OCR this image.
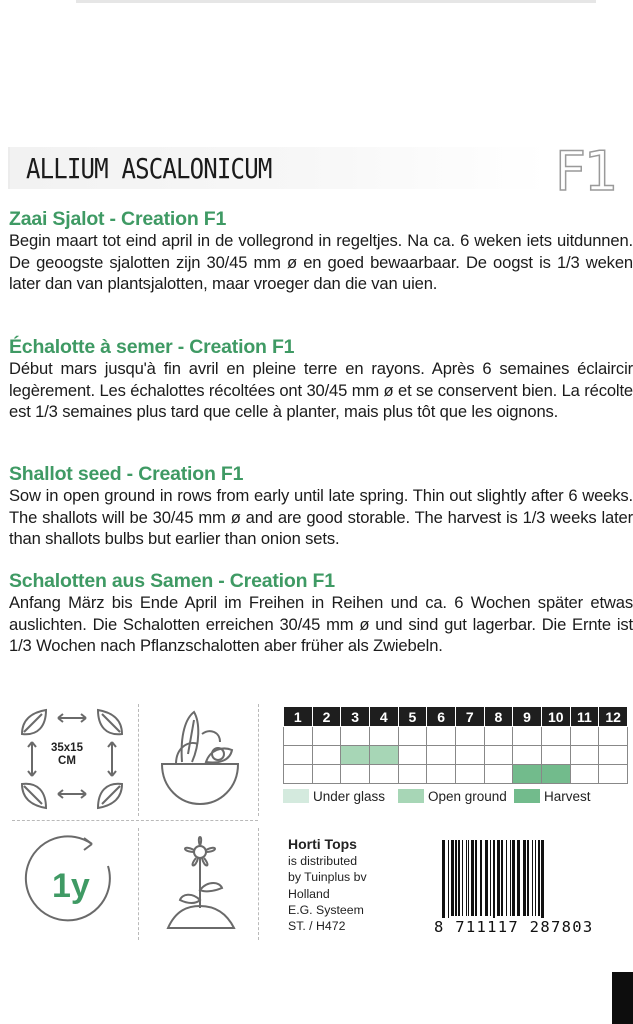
ALLIUM ASCALONICUM	F1
Zaai Sjalot - Creation F1

Begin maart tot eind april in de vollegrond in regeltjes. Na ca. 6 weken iets uitdunnen. De geoogste sjalotten zijn 30/45 mm ø en goed bewaarbaar. De oogst is 1/3 weken later dan van plantsjalotten, maar vroeger dan die van uien.

Échalotte à semer - Creation F1

Début mars jusqu'à fin avril en pleine terre en rayons. Après 6 semaines éclaircir legèrement. Les échalottes récoltées ont 30/45 mm ø et se conservent bien. La récolte est 1/3 semaines plus tard que celle à planter, mais plus tôt que les oignons.

Shallot seed - Creation F1

Sow in open ground in rows from early until late spring. Thin out slightly after 6 weeks. The shallots will be 30/45 mm ø and are good storable. The harvest is 1/3 weeks later than shallots bulbs but earlier than onion sets.

Schalotten aus Samen - Creation F1

Anfang März bis Ende April im Freihen in Reihen und ca. 6 Wochen später etwas auslichten. Die Schalotten erreichen 30/45 mm ø und sind gut lagerbar. Die Ernte ist 1/3 Wochen nach Pflanzschalotten aber früher als Zwiebeln.

35x15
CM
1y
1	2	3	4	5	6	7	8	9	10	11	12

Under glass	Open ground	Harvest
Horti Tops
is distributed
by Tuinplus bv
Holland
E.G. Systeem
ST. / H472	8 711117 287803
